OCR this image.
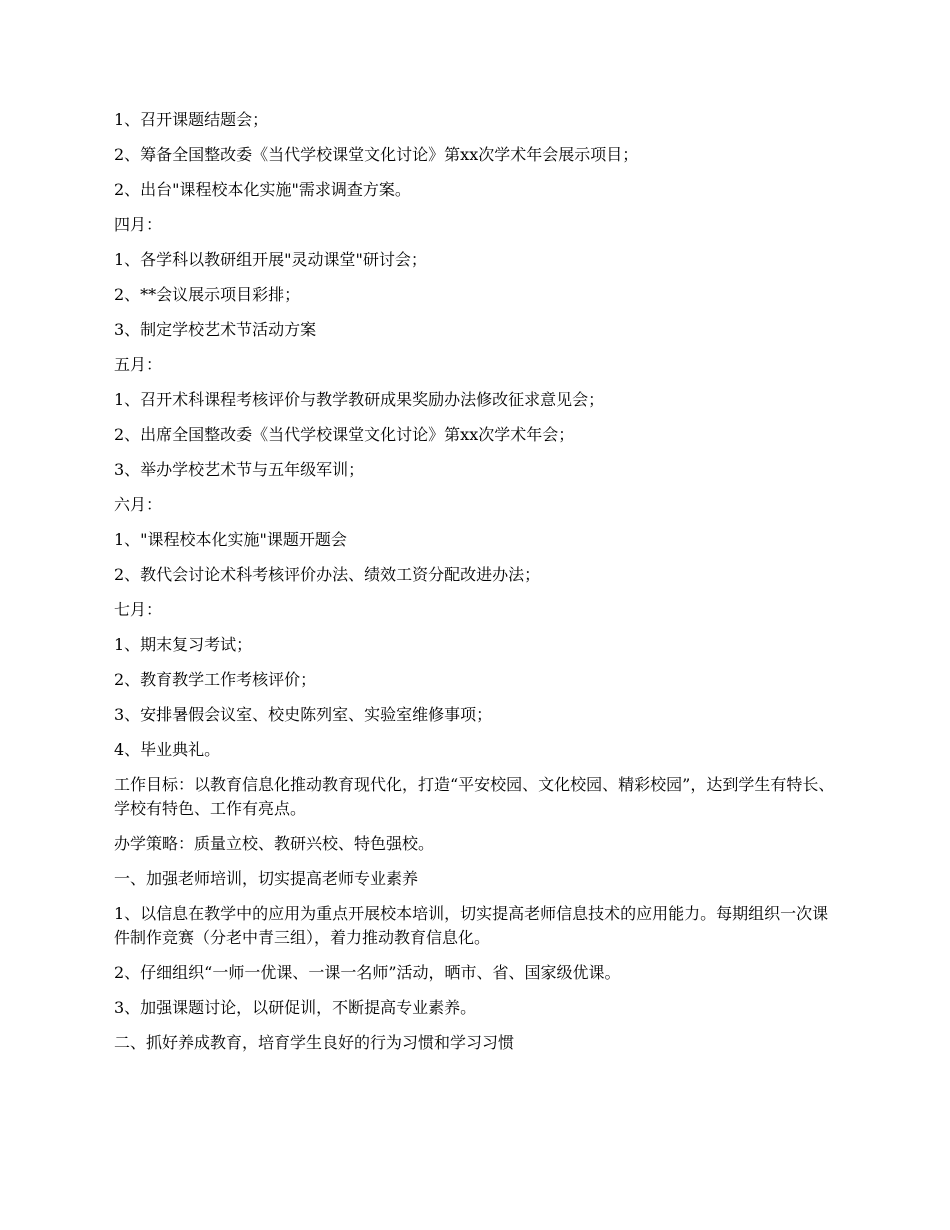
1、召开课题结题会；

2、筹备全国整改委《当代学校课堂文化讨论》第xx次学术年会展示项目；

2、出台"课程校本化实施"需求调查方案。

四月：

1、各学科以教研组开展"灵动课堂"研讨会；

2、**会议展示项目彩排；

3、制定学校艺术节活动方案

五月：

1、召开术科课程考核评价与教学教研成果奖励办法修改征求意见会；

2、出席全国整改委《当代学校课堂文化讨论》第xx次学术年会；

3、举办学校艺术节与五年级军训；

六月：

1、"课程校本化实施"课题开题会

2、教代会讨论术科考核评价办法、绩效工资分配改进办法；

七月：

1、期末复习考试；

2、教育教学工作考核评价；

3、安排暑假会议室、校史陈列室、实验室维修事项；

4、毕业典礼。

工作目标：以教育信息化推动教育现代化，打造“平安校园、文化校园、精彩校园”，达到学生有特长、学校有特色、工作有亮点。

办学策略：质量立校、教研兴校、特色强校。

一、加强老师培训，切实提高老师专业素养

1、以信息在教学中的应用为重点开展校本培训，切实提高老师信息技术的应用能力。每期组织一次课件制作竞赛（分老中青三组），着力推动教育信息化。

2、仔细组织“一师一优课、一课一名师”活动，晒市、省、国家级优课。

3、加强课题讨论，以研促训，不断提高专业素养。

二、抓好养成教育，培育学生良好的行为习惯和学习习惯
